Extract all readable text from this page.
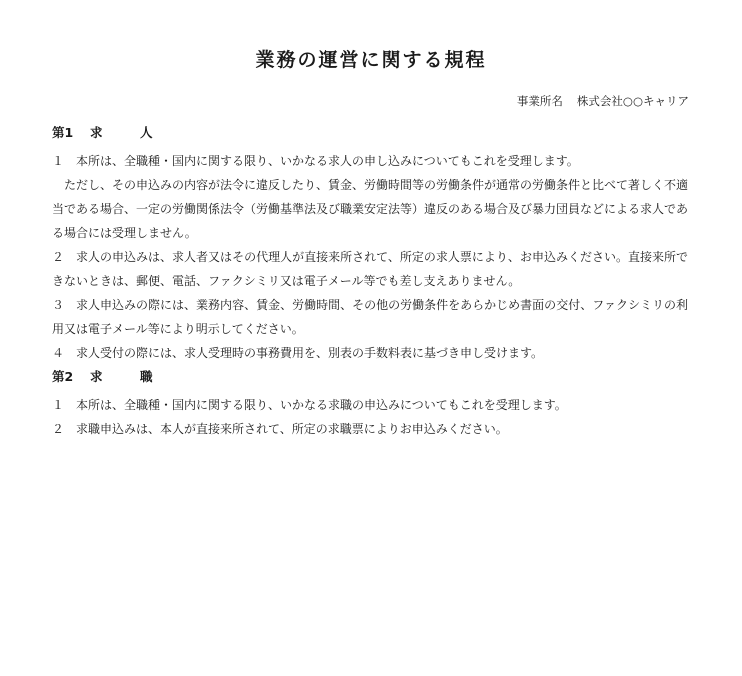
業務の運営に関する規程
事業所名 株式会社○○キャリア
第1 求	人
１ 本所は、全職種・国内に関する限り、いかなる求人の申し込みについてもこれを受理します。
ただし、その申込みの内容が法令に違反したり、賃金、労働時間等の労働条件が通常の労働条件と比べて著しく不適当である場合、一定の労働関係法令（労働基準法及び職業安定法等）違反のある場合及び暴力団員などによる求人である場合には受理しません。
２ 求人の申込みは、求人者又はその代理人が直接来所されて、所定の求人票により、お申込みください。直接来所できないときは、郵便、電話、ファクシミリ又は電子メール等でも差し支えありません。
３ 求人申込みの際には、業務内容、賃金、労働時間、その他の労働条件をあらかじめ書面の交付、ファクシミリの利用又は電子メール等により明示してください。
４ 求人受付の際には、求人受理時の事務費用を、別表の手数料表に基づき申し受けます。
第2 求	職
１ 本所は、全職種・国内に関する限り、いかなる求職の申込みについてもこれを受理します。
２ 求職申込みは、本人が直接来所されて、所定の求職票によりお申込みください。
